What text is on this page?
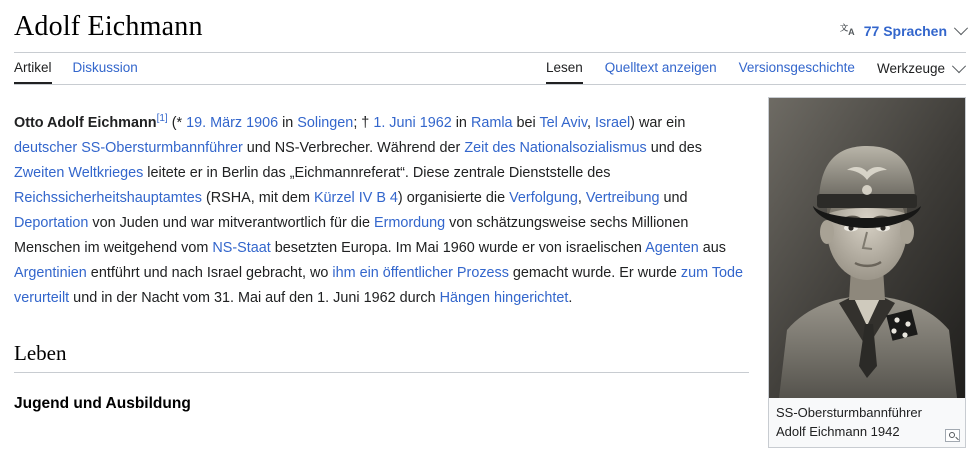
Adolf Eichmann	文 A 77 Sprachen
Artikel Diskussion	Lesen Quelltext anzeigen Versionsgeschichte Werkzeuge
SS-Obersturmbannführer
Adolf Eichmann 1942

Otto Adolf Eichmann[1] (* 19. März 1906 in Solingen; † 1. Juni 1962 in Ramla bei Tel Aviv, Israel) war ein deutscher SS-Obersturmbannführer und NS-Verbrecher. Während der Zeit des Nationalsozialismus und des Zweiten Weltkrieges leitete er in Berlin das „Eichmannreferat“. Diese zentrale Dienststelle des Reichssicherheitshauptamtes (RSHA, mit dem Kürzel IV B 4) organisierte die Verfolgung, Vertreibung und Deportation von Juden und war mitverantwortlich für die Ermordung von schätzungsweise sechs Millionen Menschen im weitgehend vom NS-Staat besetzten Europa. Im Mai 1960 wurde er von israelischen Agenten aus Argentinien entführt und nach Israel gebracht, wo ihm ein öffentlicher Prozess gemacht wurde. Er wurde zum Tode verurteilt und in der Nacht vom 31. Mai auf den 1. Juni 1962 durch Hängen hingerichtet.

Leben
Jugend und Ausbildung
